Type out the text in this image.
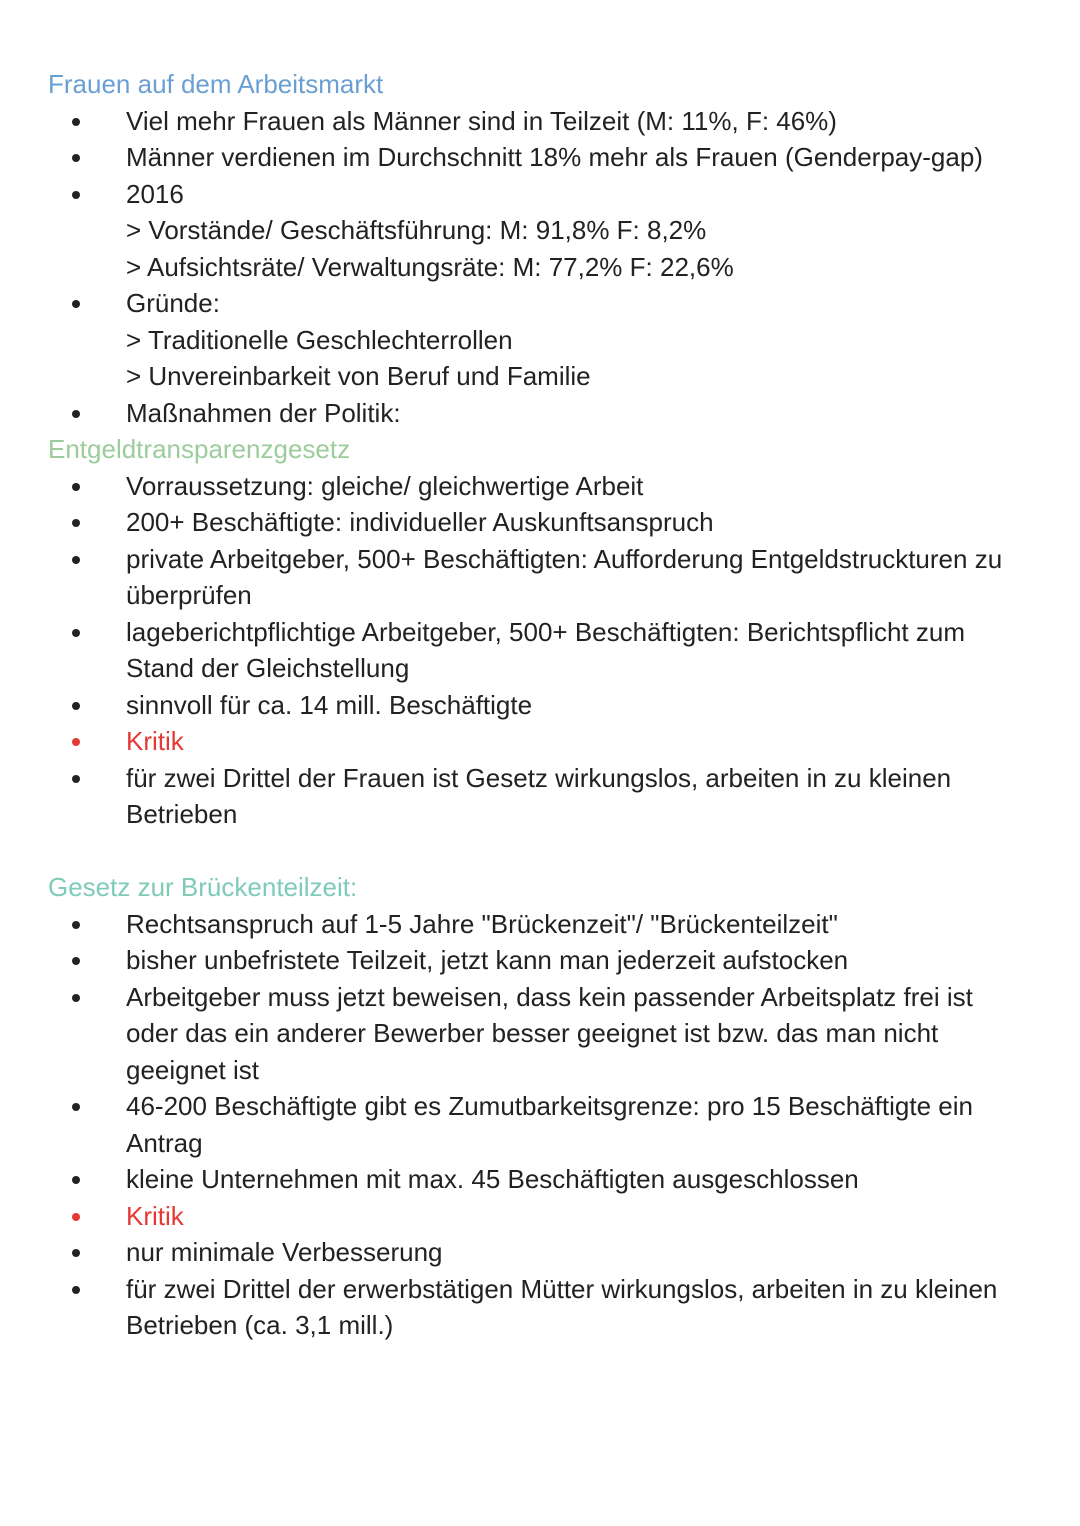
Frauen auf dem Arbeitsmarkt
Viel mehr Frauen als Männer sind in Teilzeit (M: 11%, F: 46%)
Männer verdienen im Durchschnitt 18% mehr als Frauen (Genderpay-gap)
2016
> Vorstände/ Geschäftsführung: M: 91,8% F: 8,2%
> Aufsichtsräte/ Verwaltungsräte: M: 77,2% F: 22,6%
Gründe:
> Traditionelle Geschlechterrollen
> Unvereinbarkeit von Beruf und Familie
Maßnahmen der Politik:
Entgeldtransparenzgesetz
Vorraussetzung: gleiche/ gleichwertige Arbeit
200+ Beschäftigte: individueller Auskunftsanspruch
private Arbeitgeber, 500+ Beschäftigten: Aufforderung Entgeldstruckturen zu überprüfen
lageberichtpflichtige Arbeitgeber, 500+ Beschäftigten: Berichtspflicht zum Stand der Gleichstellung
sinnvoll für ca. 14 mill. Beschäftigte
Kritik
für zwei Drittel der Frauen ist Gesetz wirkungslos, arbeiten in zu kleinen Betrieben
Gesetz zur Brückenteilzeit:
Rechtsanspruch auf 1-5 Jahre "Brückenzeit"/ "Brückenteilzeit"
bisher unbefristete Teilzeit, jetzt kann man jederzeit aufstocken
Arbeitgeber muss jetzt beweisen, dass kein passender Arbeitsplatz frei ist oder das ein anderer Bewerber besser geeignet ist bzw. das man nicht geeignet ist
46-200 Beschäftigte gibt es Zumutbarkeitsgrenze: pro 15 Beschäftigte ein Antrag
kleine Unternehmen mit max. 45 Beschäftigten ausgeschlossen
Kritik
nur minimale Verbesserung
für zwei Drittel der erwerbstätigen Mütter wirkungslos, arbeiten in zu kleinen Betrieben (ca. 3,1 mill.)
